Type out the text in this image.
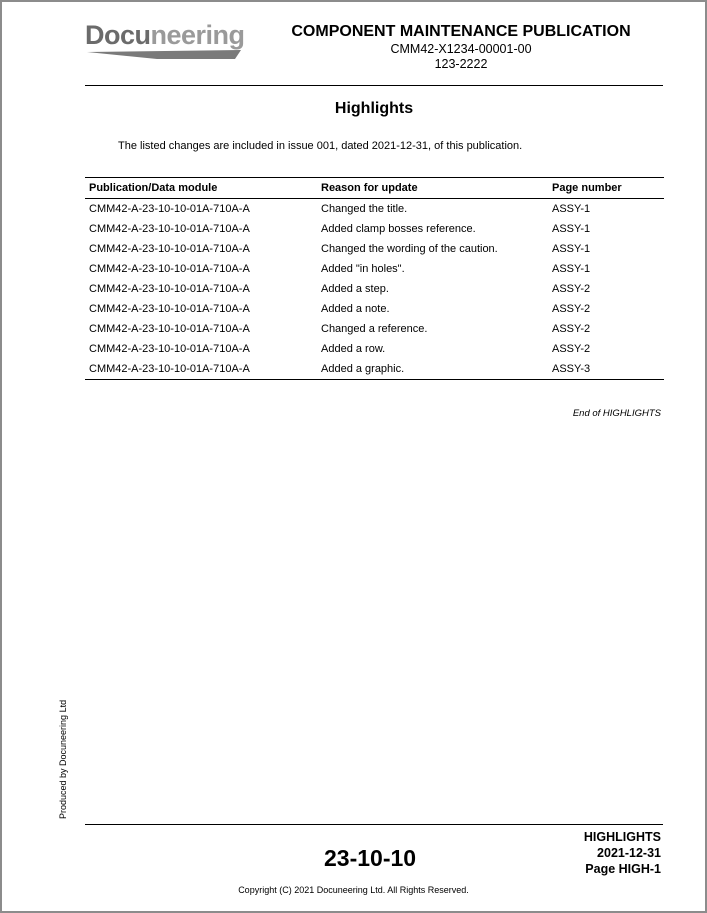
Docuneering	COMPONENT MAINTENANCE PUBLICATION
CMM42-X1234-00001-00
123-2222
Highlights
The listed changes are included in issue 001, dated 2021-12-31, of this publication.
Publication/Data module	Reason for update	Page number
CMM42-A-23-10-10-01A-710A-A	Changed the title.	ASSY-1
CMM42-A-23-10-10-01A-710A-A	Added clamp bosses reference.	ASSY-1
CMM42-A-23-10-10-01A-710A-A	Changed the wording of the caution.	ASSY-1
CMM42-A-23-10-10-01A-710A-A	Added "in holes".	ASSY-1
CMM42-A-23-10-10-01A-710A-A	Added a step.	ASSY-2
CMM42-A-23-10-10-01A-710A-A	Added a note.	ASSY-2
CMM42-A-23-10-10-01A-710A-A	Changed a reference.	ASSY-2
CMM42-A-23-10-10-01A-710A-A	Added a row.	ASSY-2
CMM42-A-23-10-10-01A-710A-A	Added a graphic.	ASSY-3
End of HIGHLIGHTS
Produced by Docuneering Ltd
23-10-10
HIGHLIGHTS
2021-12-31
Page HIGH-1
Copyright (C) 2021 Docuneering Ltd. All Rights Reserved.
